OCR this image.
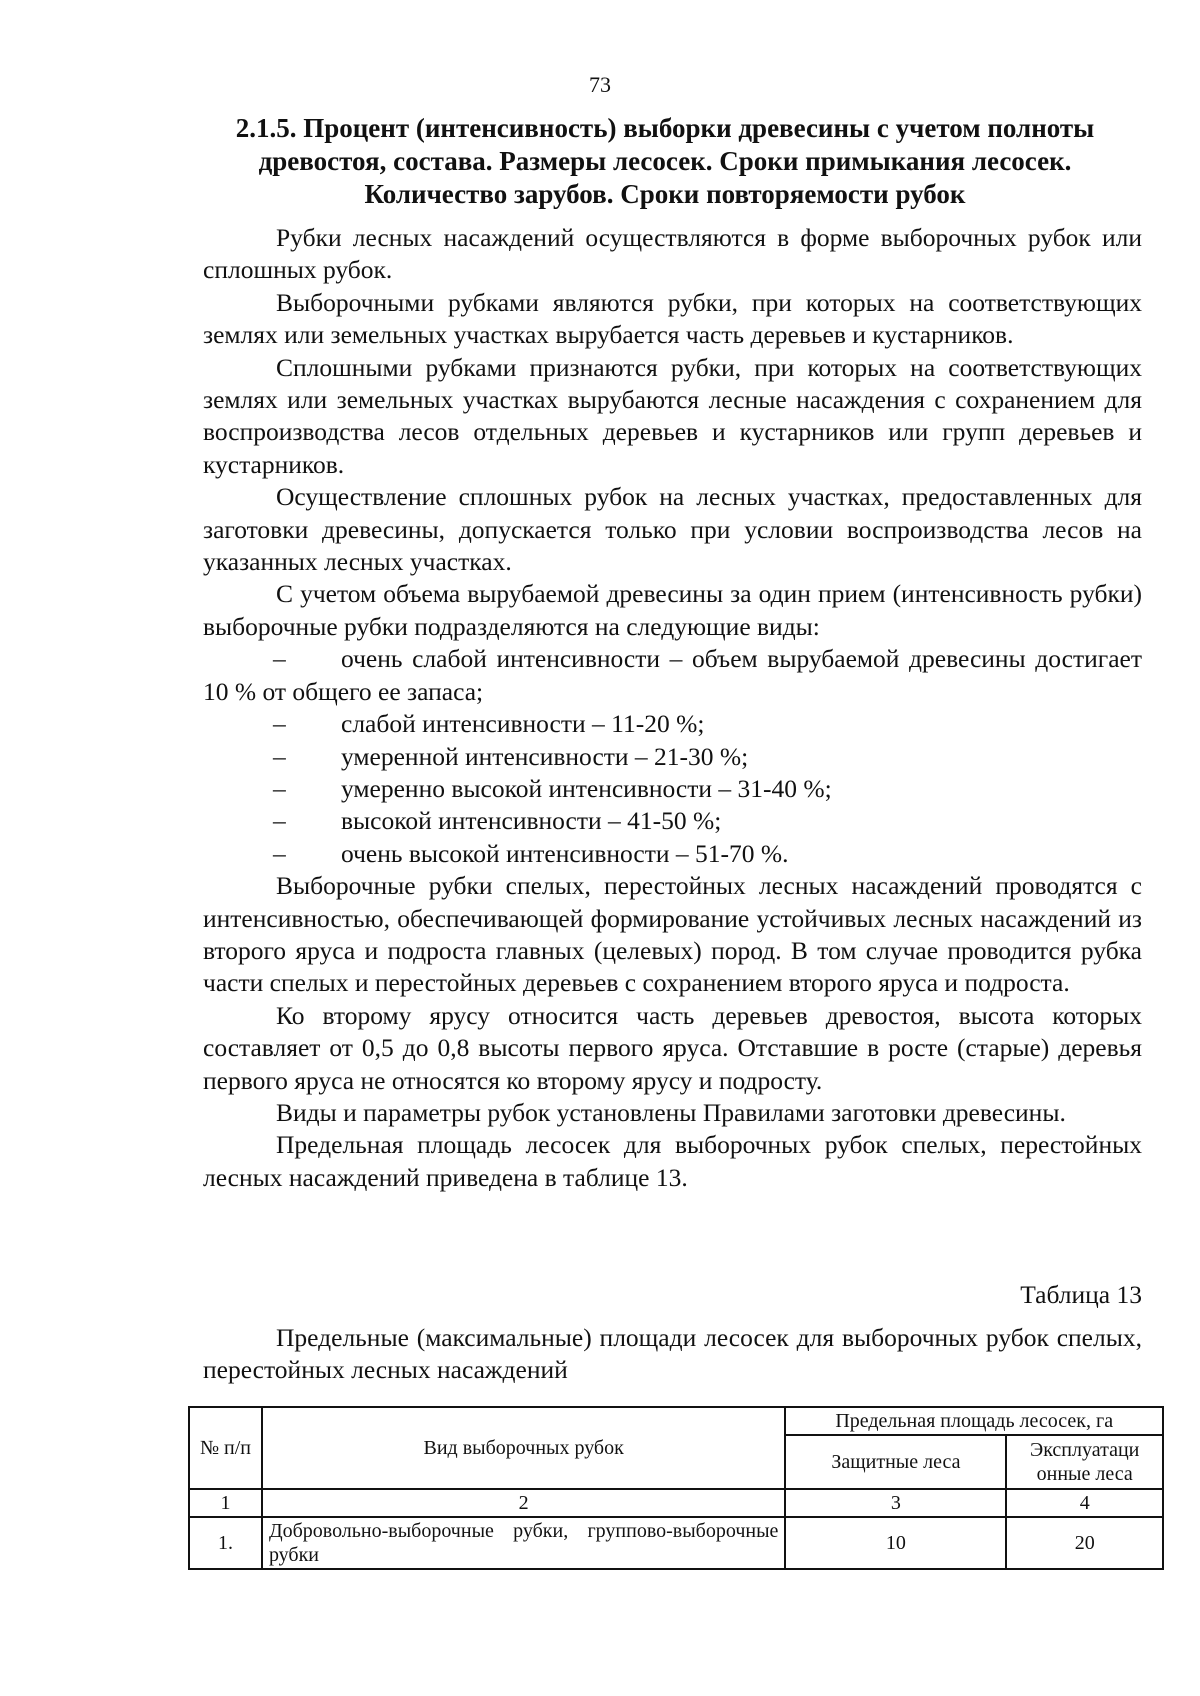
73
2.1.5. Процент (интенсивность) выборки древесины с учетом полноты древостоя, состава. Размеры лесосек. Сроки примыкания лесосек. Количество зарубов. Сроки повторяемости рубок

Рубки лесных насаждений осуществляются в форме выборочных рубок или сплошных рубок.

Выборочными рубками являются рубки, при которых на соответствующих землях или земельных участках вырубается часть деревьев и кустарников.

Сплошными рубками признаются рубки, при которых на соответствующих землях или земельных участках вырубаются лесные насаждения с сохранением для воспроизводства лесов отдельных деревьев и кустарников или групп деревьев и кустарников.

Осуществление сплошных рубок на лесных участках, предоставленных для заготовки древесины, допускается только при условии воспроизводства лесов на указанных лесных участках.

С учетом объема вырубаемой древесины за один прием (интенсивность рубки) выборочные рубки подразделяются на следующие виды:

– очень слабой интенсивности – объем вырубаемой древесины достигает 10 % от общего ее запаса;

– слабой интенсивности – 11-20 %;

– умеренной интенсивности – 21-30 %;

– умеренно высокой интенсивности – 31-40 %;

– высокой интенсивности – 41-50 %;

– очень высокой интенсивности – 51-70 %.

Выборочные рубки спелых, перестойных лесных насаждений проводятся с интенсивностью, обеспечивающей формирование устойчивых лесных насаждений из второго яруса и подроста главных (целевых) пород. В том случае проводится рубка части спелых и перестойных деревьев с сохранением второго яруса и подроста.

Ко второму ярусу относится часть деревьев древостоя, высота которых составляет от 0,5 до 0,8 высоты первого яруса. Отставшие в росте (старые) деревья первого яруса не относятся ко второму ярусу и подросту.

Виды и параметры рубок установлены Правилами заготовки древесины.

Предельная площадь лесосек для выборочных рубок спелых, перестойных лесных насаждений приведена в таблице 13.

Таблица 13

Предельные (максимальные) площади лесосек для выборочных рубок спелых, перестойных лесных насаждений

№ п/п	Вид выборочных рубок	Предельная площадь лесосек, га	
		Защитные леса	Эксплуатаци
онные леса
1	2	3	4
1.	Добровольно-выборочные рубки, группово-выборочные рубки	10	20
